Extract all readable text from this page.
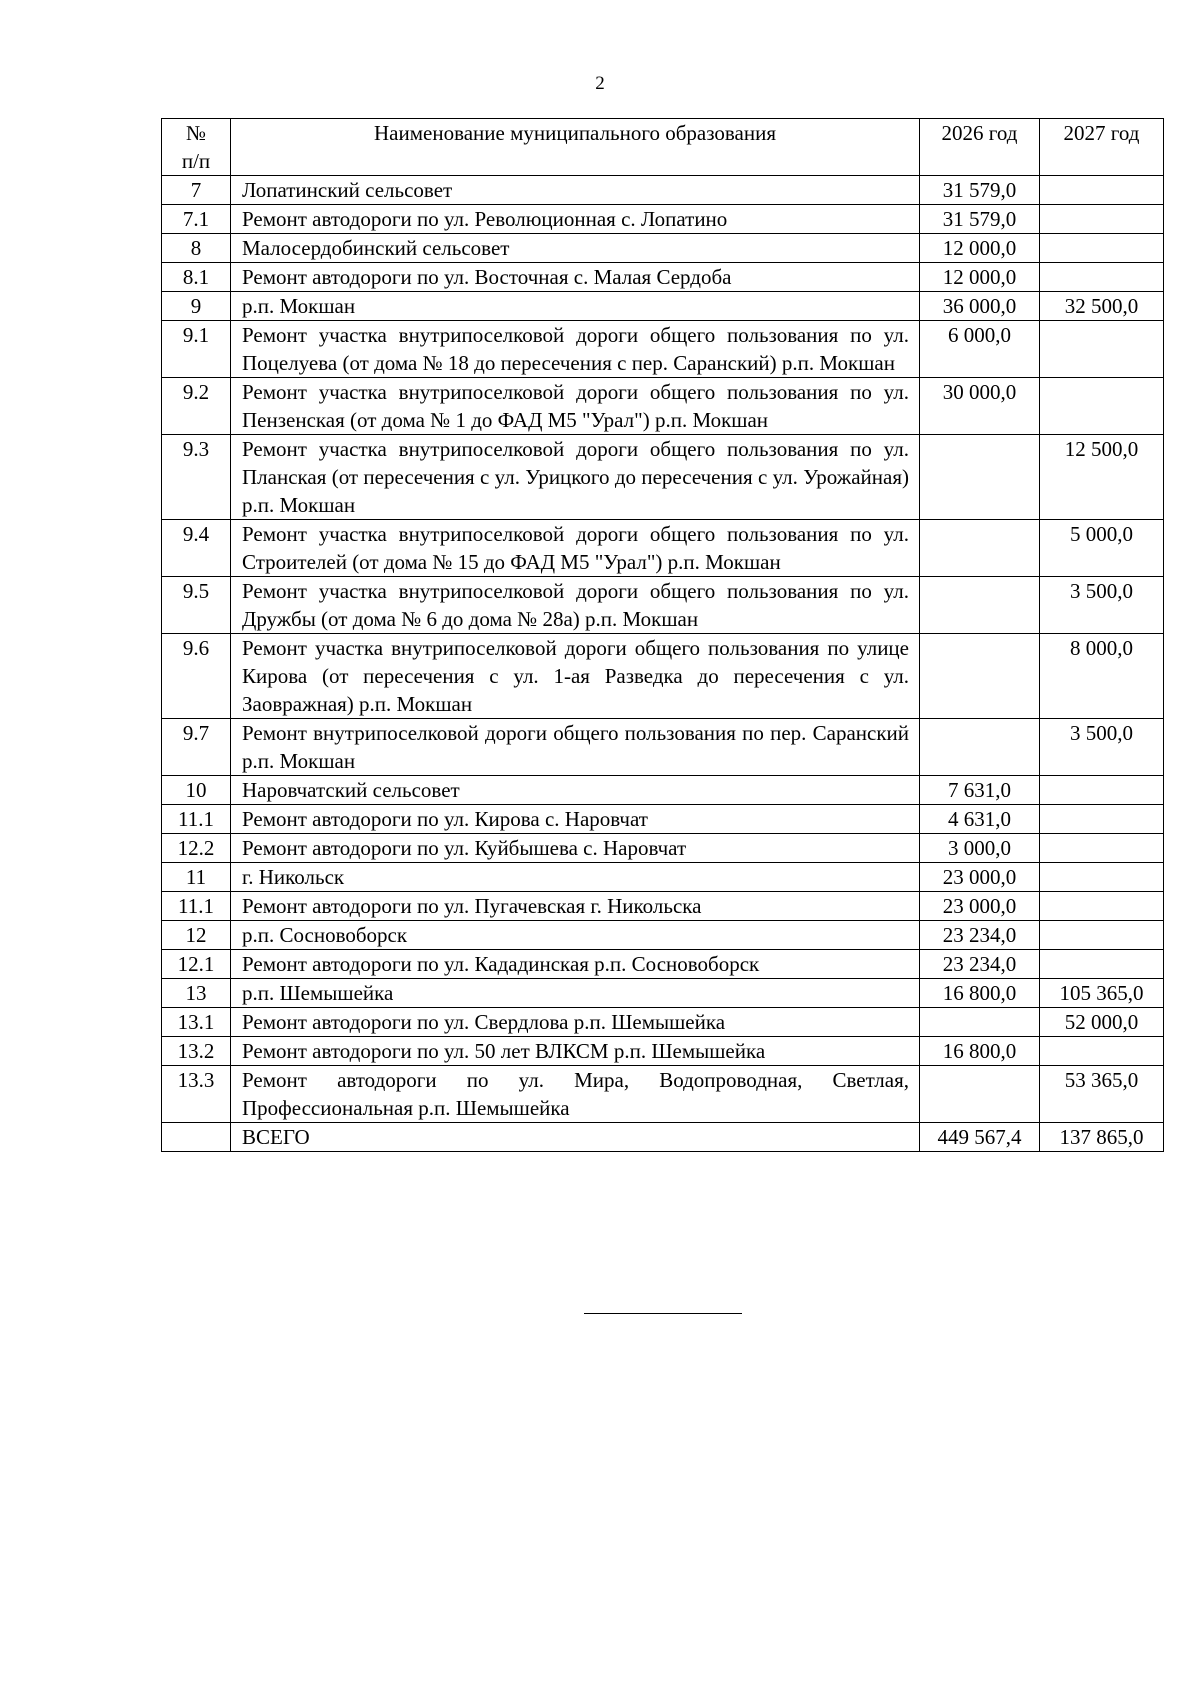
2
№
п/п	Наименование муниципального образования	2026 год	2027 год
7	Лопатинский сельсовет	31 579,0	
7.1	Ремонт автодороги по ул. Революционная с. Лопатино	31 579,0	
8	Малосердобинский сельсовет	12 000,0	
8.1	Ремонт автодороги по ул. Восточная с. Малая Сердоба	12 000,0	
9	р.п. Мокшан	36 000,0	32 500,0
9.1	Ремонт участка внутрипоселковой дороги общего пользования по ул. Поцелуева (от дома № 18 до пересечения с пер. Саранский) р.п. Мокшан	6 000,0	
9.2	Ремонт участка внутрипоселковой дороги общего пользования по ул. Пензенская (от дома № 1 до ФАД М5 "Урал") р.п. Мокшан	30 000,0	
9.3	Ремонт участка внутрипоселковой дороги общего пользования по ул. Планская (от пересечения с ул. Урицкого до пересечения с ул. Урожайная) р.п. Мокшан		12 500,0
9.4	Ремонт участка внутрипоселковой дороги общего пользования по ул. Строителей (от дома № 15 до ФАД М5 "Урал") р.п. Мокшан		5 000,0
9.5	Ремонт участка внутрипоселковой дороги общего пользования по ул. Дружбы (от дома № 6 до дома № 28а) р.п. Мокшан		3 500,0
9.6	Ремонт участка внутрипоселковой дороги общего пользования по улице Кирова (от пересечения с ул. 1-ая Разведка до пересечения с ул. Заовражная) р.п. Мокшан		8 000,0
9.7	Ремонт внутрипоселковой дороги общего пользования по пер. Саранский р.п. Мокшан		3 500,0
10	Наровчатский сельсовет	7 631,0	
11.1	Ремонт автодороги по ул. Кирова с. Наровчат	4 631,0	
12.2	Ремонт автодороги по ул. Куйбышева с. Наровчат	3 000,0	
11	г. Никольск	23 000,0	
11.1	Ремонт автодороги по ул. Пугачевская г. Никольска	23 000,0	
12	р.п. Сосновоборск	23 234,0	
12.1	Ремонт автодороги по ул. Кададинская р.п. Сосновоборск	23 234,0	
13	р.п. Шемышейка	16 800,0	105 365,0
13.1	Ремонт автодороги по ул. Свердлова р.п. Шемышейка		52 000,0
13.2	Ремонт автодороги по ул. 50 лет ВЛКСМ р.п. Шемышейка	16 800,0	
13.3	Ремонт автодороги по ул. Мира, Водопроводная, Светлая, Профессиональная р.п. Шемышейка		53 365,0
	ВСЕГО	449 567,4	137 865,0
